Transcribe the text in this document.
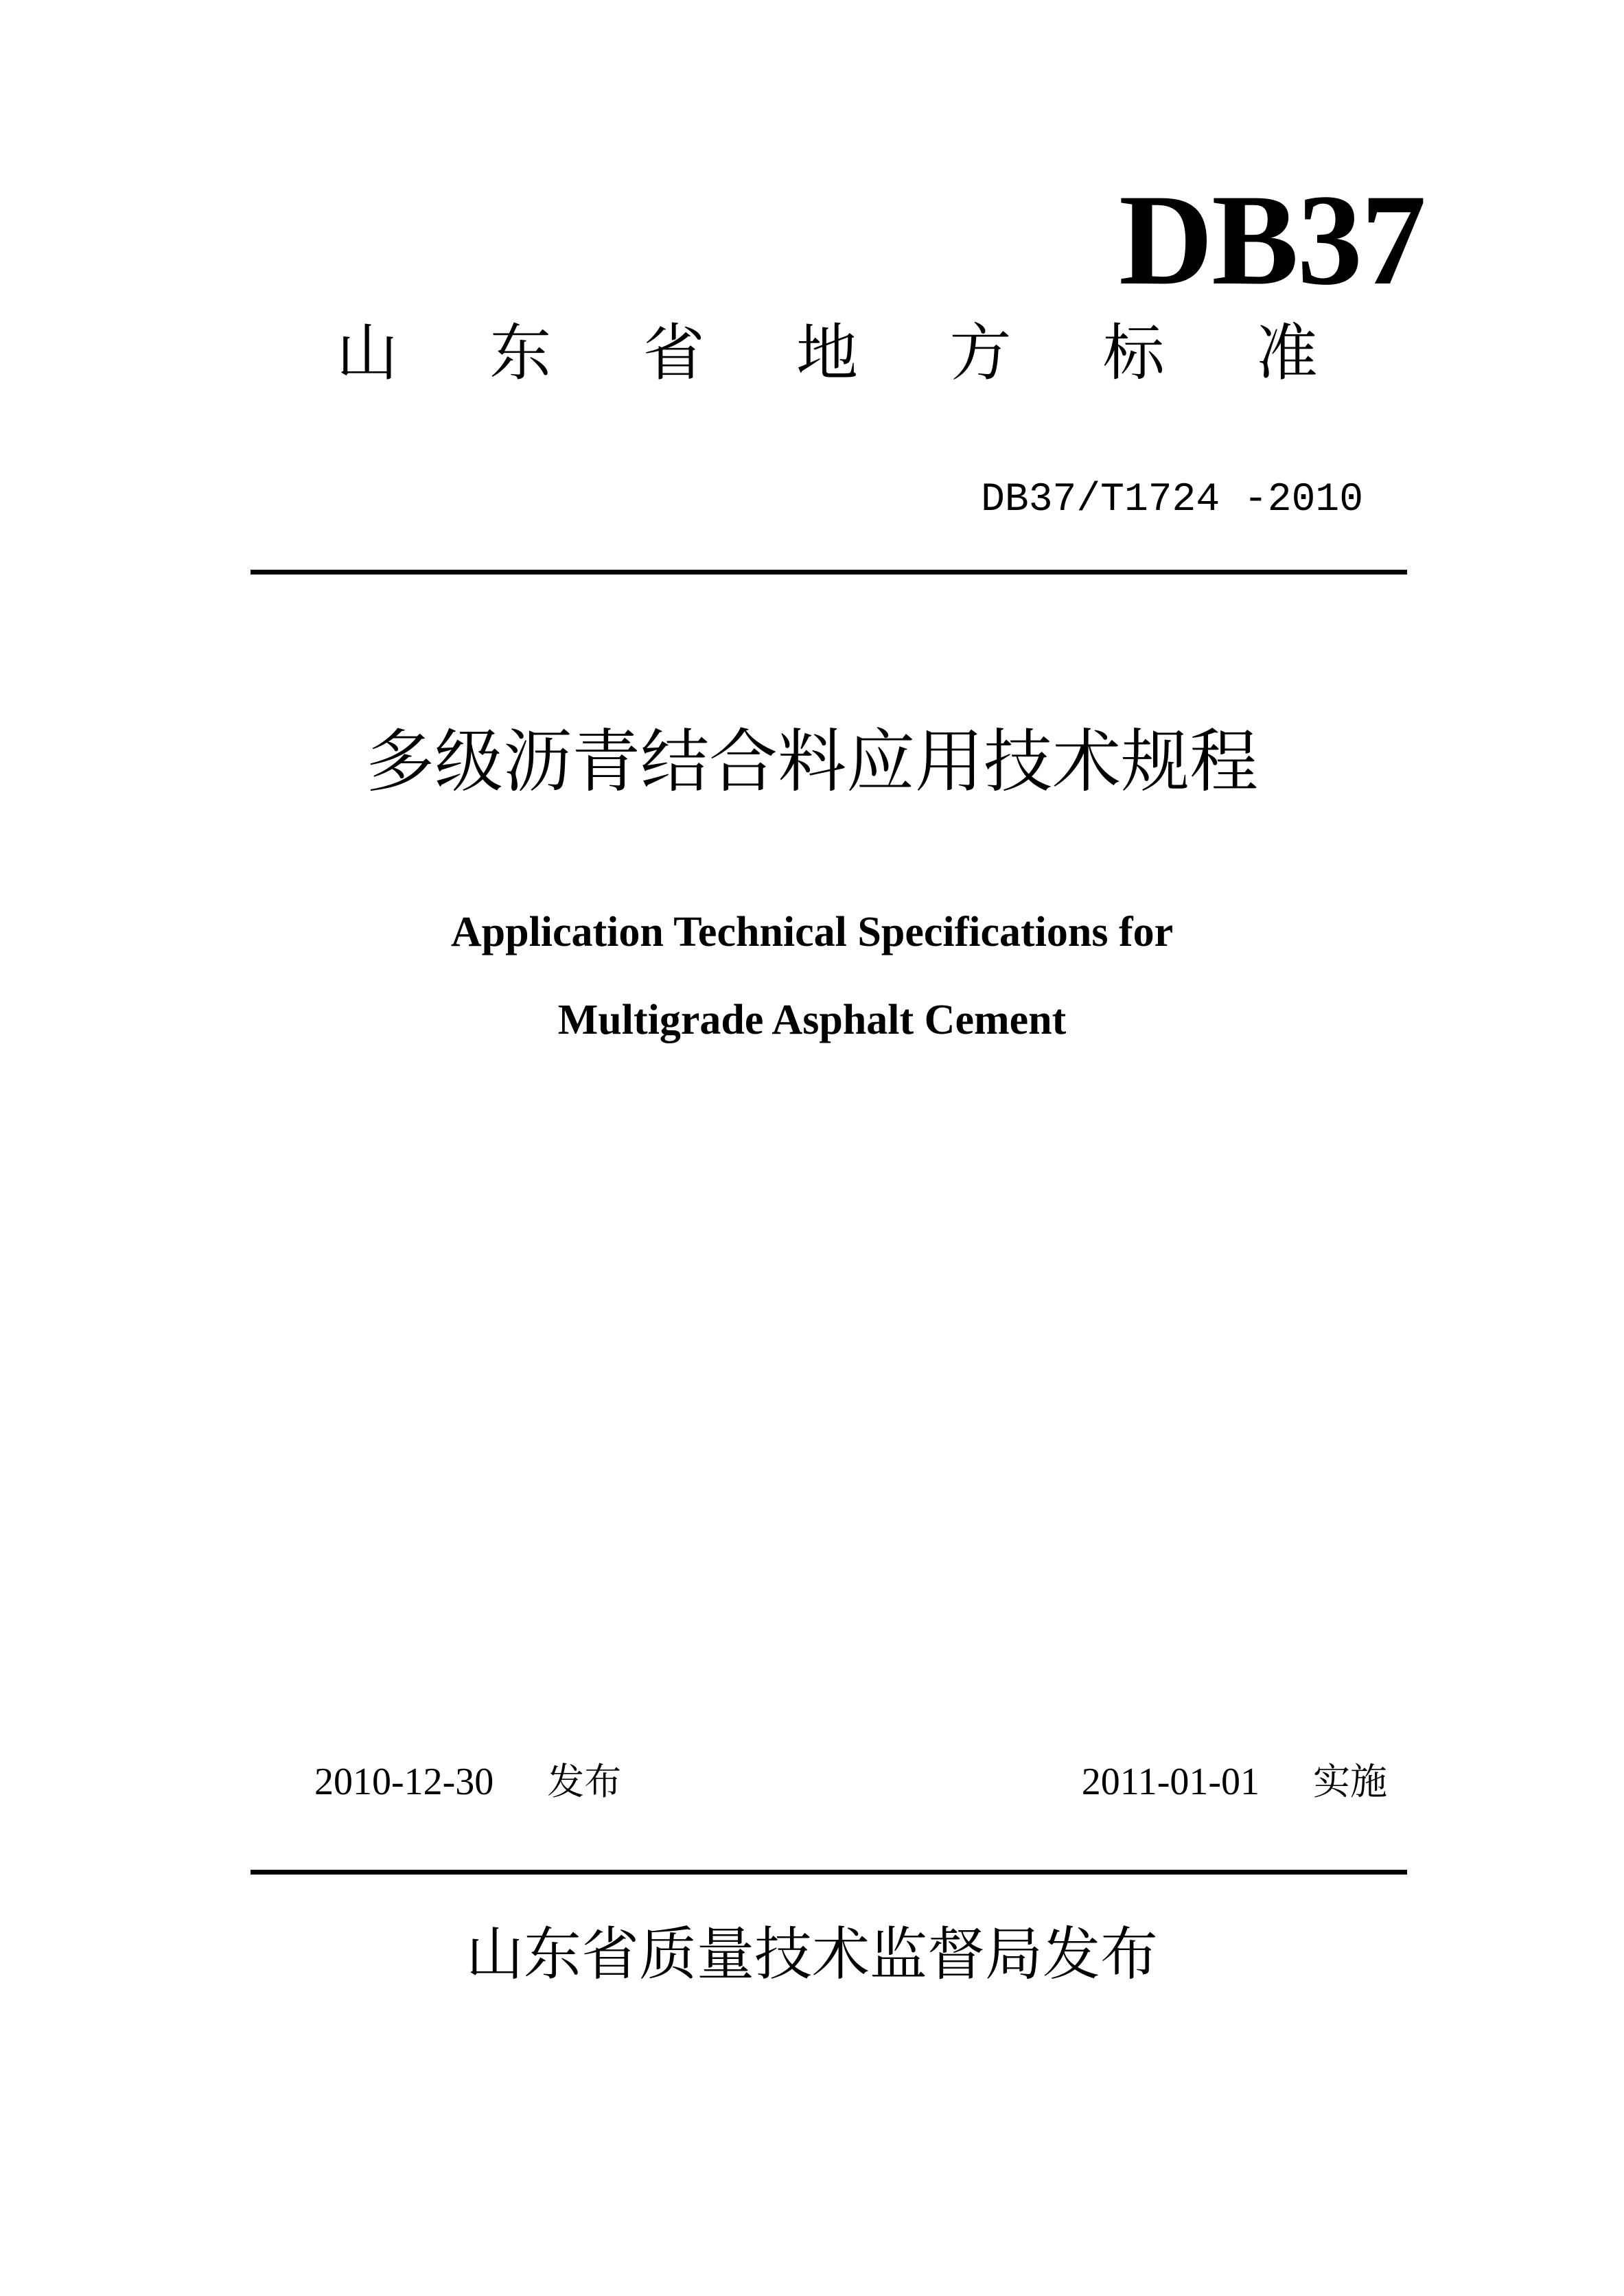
DB37
山 东 省 地 方 标 准
DB37/T1724 -2010
多级沥青结合料应用技术规程
Application Technical Specifications for
Multigrade Asphalt Cement
2010-12-30 发布	2011-01-01 实施
山东省质量技术监督局发布
